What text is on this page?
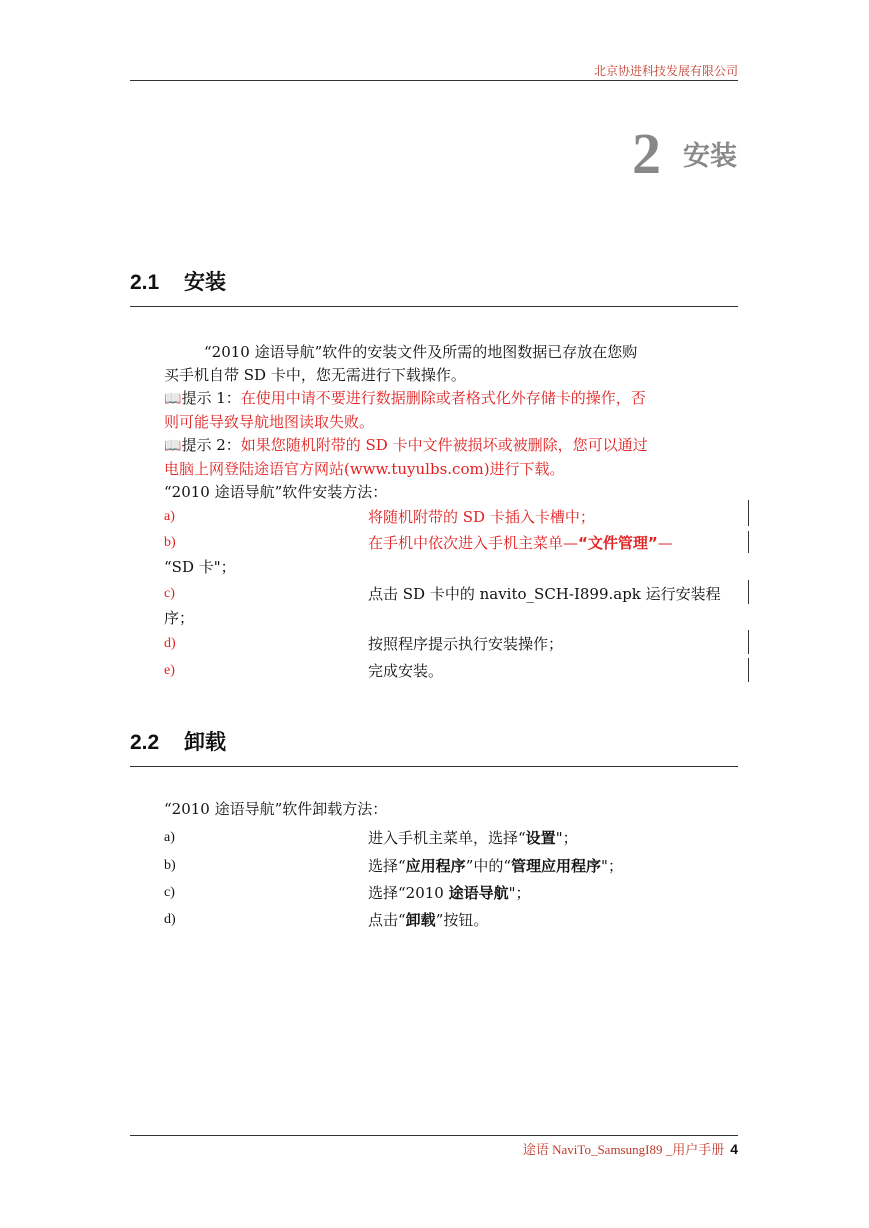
北京协进科技发展有限公司
2 安装
2.1 安装
“2010 途语导航”软件的安装文件及所需的地图数据已存放在您购
买手机自带 SD 卡中，您无需进行下载操作。
📖提示 1：在使用中请不要进行数据删除或者格式化外存储卡的操作，否
则可能导致导航地图读取失败。
📖提示 2：如果您随机附带的 SD 卡中文件被损坏或被删除，您可以通过
电脑上网登陆途语官方网站(www.tuyulbs.com)进行下载。
“2010 途语导航”软件安装方法：
a)	将随机附带的 SD 卡插入卡槽中；
b)	在手机中依次进入手机主菜单—“文件管理”—
“SD 卡"；
c)	点击 SD 卡中的 navito_SCH-I899.apk 运行安装程
序；
d)	按照程序提示执行安装操作；
e)	完成安装。
2.2 卸载
“2010 途语导航”软件卸载方法：
a)	进入手机主菜单，选择“设置"；
b)	选择“应用程序”中的“管理应用程序"；
c)	选择“2010 途语导航"；
d)	点击“卸载”按钮。
途语 NaviTo_SamsungI89 _用户手册 4
